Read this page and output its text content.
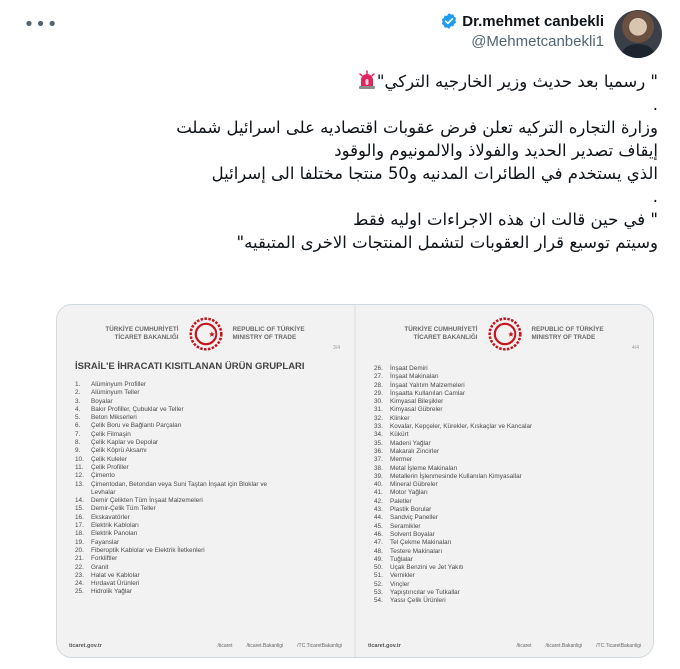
•••	Dr.mehmet canbekli
@Mehmetcanbekli1

" رسميا بعد حديث وزير الخارجيه التركي"

.

وزارة التجاره التركيه تعلن فرض عقوبات اقتصاديه على اسرائيل شملت

إيقاف تصدير الحديد والفولاذ والالمونيوم والوقود

الذي يستخدم في الطائرات المدنيه و50 منتجا مختلفا الى إسرائيل

.

" في حين قالت ان هذه الاجراءات اوليه فقط

وسيتم توسيع قرار العقوبات لتشمل المنتجات الاخرى المتبقيه"

TÜRKİYE CUMHURİYETİ
TİCARET BAKANLIĞI
REPUBLIC OF TÜRKİYE
MINISTRY OF TRADE
3/4
İSRAİL'E İHRACATI KISITLANAN ÜRÜN GRUPLARI
1.	Alüminyum Profiller
2.	Alüminyum Teller
3.	Boyalar
4.	Bakır Profiller, Çubuklar ve Teller
5.	Beton Mikserleri
6.	Çelik Boru ve Bağlantı Parçaları
7.	Çelik Filmaşin
8.	Çelik Kaplar ve Depolar
9.	Çelik Köprü Aksamı
10.	Çelik Kuleler
11.	Çelik Profiller
12.	Çimento
13.	Çimentodan, Betondan veya Suni Taştan İnşaat için Bloklar ve
Levhalar
14.	Demir Çelikten Tüm İnşaat Malzemeleri
15.	Demir-Çelik Tüm Teller
16.	Ekskavatörler
17.	Elektrik Kabloları
18.	Elektrik Panoları
19.	Fayanslar
20.	Fiberoptik Kablolar ve Elektrik İletkenleri
21.	Forkliftler
22.	Granit
23.	Halat ve Kablolar
24.	Hırdavat Ürünleri
25.	Hidrolik Yağlar
ticaret.gov.tr	/ticaret	/ticaret.Bakanligi	/TC.TicaretBakanligi
TÜRKİYE CUMHURİYETİ
TİCARET BAKANLIĞI
REPUBLIC OF TÜRKİYE
MINISTRY OF TRADE
4/4
26.	İnşaat Demiri
27.	İnşaat Makinaları
28.	İnşaat Yalıtım Malzemeleri
29.	İnşaatta Kullanılan Camlar
30.	Kimyasal Bileşikler
31.	Kimyasal Gübreler
32.	Klinker
33.	Kovalar, Kepçeler, Kürekler, Kıskaçlar ve Kancalar
34.	Kükürt
35.	Madeni Yağlar
36.	Makaralı Zincirler
37.	Mermer
38.	Metal İşleme Makinaları
39.	Metallerin İşlenmesinde Kullanılan Kimyasallar
40.	Mineral Gübreler
41.	Motor Yağları
42.	Paletler
43.	Plastik Borular
44.	Sandviç Paneller
45.	Seramikler
46.	Solvent Boyalar
47.	Tel Çekme Makinaları
48.	Testere Makinaları
49.	Tuğlalar
50.	Uçak Benzini ve Jet Yakıtı
51.	Vernikler
52.	Vinçler
53.	Yapıştırıcılar ve Tutkallar
54.	Yassı Çelik Ürünleri
ticaret.gov.tr	/ticaret	/ticaret.Bakanligi	/TC.TicaretBakanligi
